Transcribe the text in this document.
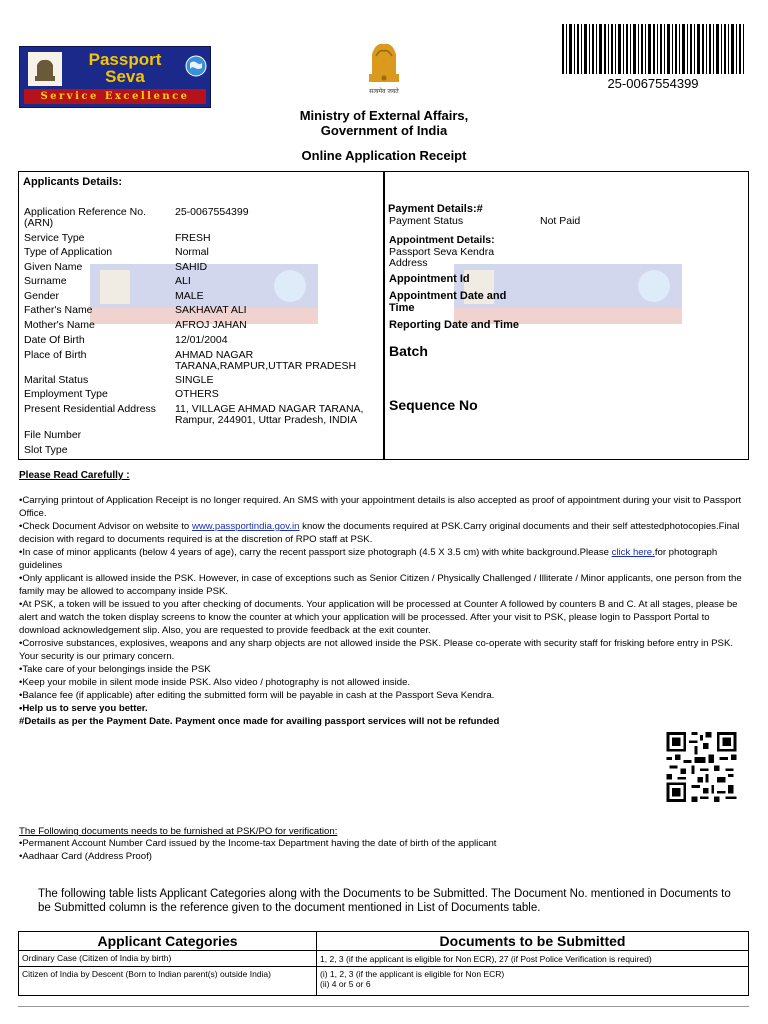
Passport
Seva
Service Excellence	सत्यमेव जयते
25-0067554399
Ministry of External Affairs,
Government of India
Online Application Receipt
Applicants Details:
Application Reference No.
(ARN)
25-0067554399
Service Type	FRESH
Type of Application	Normal
Given Name	SAHID
Surname	ALI
Gender	MALE
Father's Name	SAKHAVAT ALI
Mother's Name	AFROJ JAHAN
Date Of Birth	12/01/2004
Place of Birth	AHMAD NAGAR
TARANA,RAMPUR,UTTAR PRADESH
Marital Status	SINGLE
Employment Type	OTHERS
Present Residential Address 11, VILLAGE AHMAD NAGAR TARANA,
Rampur, 244901, Uttar Pradesh, INDIA
File Number
Slot Type
Payment Details:#
Payment Status	Not Paid
Appointment Details:
Passport Seva Kendra
Address
Appointment Id
Appointment Date and
Time
Reporting Date and Time
Batch
Sequence No
Please Read Carefully :

•Carrying printout of Application Receipt is no longer required. An SMS with your appointment details is also accepted as proof of appointment during your visit to Passport Office.

•Check Document Advisor on website to www.passportindia.gov.in know the documents required at PSK.Carry original documents and their self attestedphotocopies.Final decision with regard to documents required is at the discretion of RPO staff at PSK.

•In case of minor applicants (below 4 years of age), carry the recent passport size photograph (4.5 X 3.5 cm) with white background.Please click here.for photograph guidelines

•Only applicant is allowed inside the PSK. However, in case of exceptions such as Senior Citizen / Physically Challenged / Illiterate / Minor applicants, one person from the family may be allowed to accompany inside PSK.

•At PSK, a token will be issued to you after checking of documents. Your application will be processed at Counter A followed by counters B and C. At all stages, please be alert and watch the token display screens to know the counter at which your application will be processed. After your visit to PSK, please login to Passport Portal to download acknowledgement slip. Also, you are requested to provide feedback at the exit counter.

•Corrosive substances, explosives, weapons and any sharp objects are not allowed inside the PSK. Please co-operate with security staff for frisking before entry in PSK. Your security is our primary concern.

•Take care of your belongings inside the PSK

•Keep your mobile in silent mode inside PSK. Also video / photography is not allowed inside.

•Balance fee (if applicable) after editing the submitted form will be payable in cash at the Passport Seva Kendra.

•Help us to serve you better.

#Details as per the Payment Date. Payment once made for availing passport services will not be refunded

The Following documents needs to be furnished at PSK/PO for verification:
•Permanent Account Number Card issued by the Income-tax Department having the date of birth of the applicant
•Aadhaar Card (Address Proof)
The following table lists Applicant Categories along with the Documents to be Submitted. The Document No. mentioned in Documents to be Submitted column is the reference given to the document mentioned in List of Documents table.
Applicant Categories	Documents to be Submitted
Ordinary Case (Citizen of India by birth)	1, 2, 3 (if the applicant is eligible for Non ECR), 27 (if Post Police Verification is required)

Citizen of India by Descent (Born to Indian parent(s) outside India)	(i) 1, 2, 3 (if the applicant is eligible for Non ECR)
(ii) 4 or 5 or 6
